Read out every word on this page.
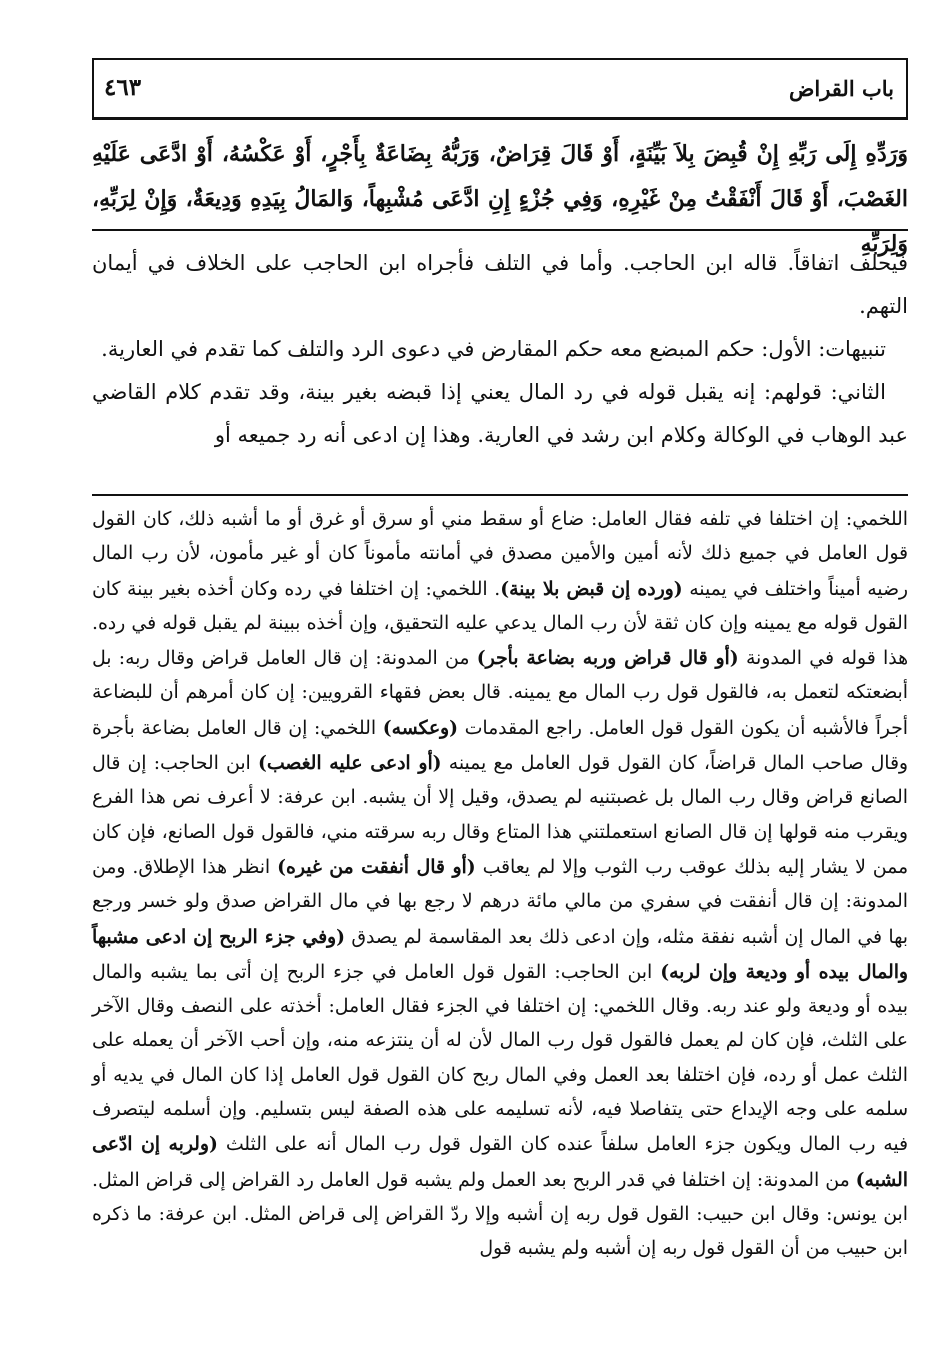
باب القراض
٤٦٣
وَرَدِّهِ إِلَى رَبِّهِ إِنْ قُبِضَ بِلاَ بَيِّنَةٍ، أَوْ قَالَ قِرَاضٌ، وَرَبُّهُ بِضَاعَةٌ بِأَجْرٍ، أَوْ عَكْسُهُ، أَوْ ادَّعَى عَلَيْهِ الغَصْبَ، أَوْ قَالَ أَنْفَقْتُ مِنْ غَيْرِهِ، وَفِي جُزْءٍ إِنِ ادَّعَى مُشْبِهاً، وَالمَالُ بِيَدِهِ وَدِيعَةٌ، وَإِنْ لِرَبِّهِ، وَلِرَبِّهِ

فيحلف اتفاقاً. قاله ابن الحاجب. وأما في التلف فأجراه ابن الحاجب على الخلاف في أيمان التهم.

تنبيهات: الأول: حكم المبضع معه حكم المقارض في دعوى الرد والتلف كما تقدم في العارية.

الثاني: قولهم: إنه يقبل قوله في رد المال يعني إذا قبضه بغير بينة، وقد تقدم كلام القاضي عبد الوهاب في الوكالة وكلام ابن رشد في العارية. وهذا إن ادعى أنه رد جميعه أو

اللخمي: إن اختلفا في تلفه فقال العامل: ضاع أو سقط مني أو سرق أو غرق أو ما أشبه ذلك، كان القول قول العامل في جميع ذلك لأنه أمين والأمين مصدق في أمانته مأموناً كان أو غير مأمون، لأن رب المال رضيه أميناً واختلف في يمينه (ورده إن قبض بلا بينة). اللخمي: إن اختلفا في رده وكان أخذه بغير بينة كان القول قوله مع يمينه وإن كان ثقة لأن رب المال يدعي عليه التحقيق، وإن أخذه ببينة لم يقبل قوله في رده. هذا قوله في المدونة (أو قال قراض وربه بضاعة بأجر) من المدونة: إن قال العامل قراض وقال ربه: بل أبضعتكه لتعمل به، فالقول قول رب المال مع يمينه. قال بعض فقهاء القرويين: إن كان أمرهم أن للبضاعة أجراً فالأشبه أن يكون القول قول العامل. راجع المقدمات (وعكسه) اللخمي: إن قال العامل بضاعة بأجرة وقال صاحب المال قراضاً، كان القول قول العامل مع يمينه (أو ادعى عليه الغصب) ابن الحاجب: إن قال الصانع قراض وقال رب المال بل غصبتنيه لم يصدق، وقيل إلا أن يشبه. ابن عرفة: لا أعرف نص هذا الفرع ويقرب منه قولها إن قال الصانع استعملتني هذا المتاع وقال ربه سرقته مني، فالقول قول الصانع، فإن كان ممن لا يشار إليه بذلك عوقب رب الثوب وإلا لم يعاقب (أو قال أنفقت من غيره) انظر هذا الإطلاق. ومن المدونة: إن قال أنفقت في سفري من مالي مائة درهم لا رجع بها في مال القراض صدق ولو خسر ورجع بها في المال إن أشبه نفقة مثله، وإن ادعى ذلك بعد المقاسمة لم يصدق (وفي جزء الربح إن ادعى مشبهاً والمال بيده أو وديعة وإن لربه) ابن الحاجب: القول قول العامل في جزء الربح إن أتى بما يشبه والمال بيده أو وديعة ولو عند ربه. وقال اللخمي: إن اختلفا في الجزء فقال العامل: أخذته على النصف وقال الآخر على الثلث، فإن كان لم يعمل فالقول قول رب المال لأن له أن ينتزعه منه، وإن أحب الآخر أن يعمله على الثلث عمل أو رده، فإن اختلفا بعد العمل وفي المال ربح كان القول قول العامل إذا كان المال في يديه أو سلمه على وجه الإيداع حتى يتفاصلا فيه، لأنه تسليمه على هذه الصفة ليس بتسليم. وإن أسلمه ليتصرف فيه رب المال ويكون جزء العامل سلفاً عنده كان القول قول رب المال أنه على الثلث (ولربه إن ادّعى الشبه) من المدونة: إن اختلفا في قدر الربح بعد العمل ولم يشبه قول العامل رد القراض إلى قراض المثل. ابن يونس: وقال ابن حبيب: القول قول ربه إن أشبه وإلا ردّ القراض إلى قراض المثل. ابن عرفة: ما ذكره ابن حبيب من أن القول قول ربه إن أشبه ولم يشبه قول
